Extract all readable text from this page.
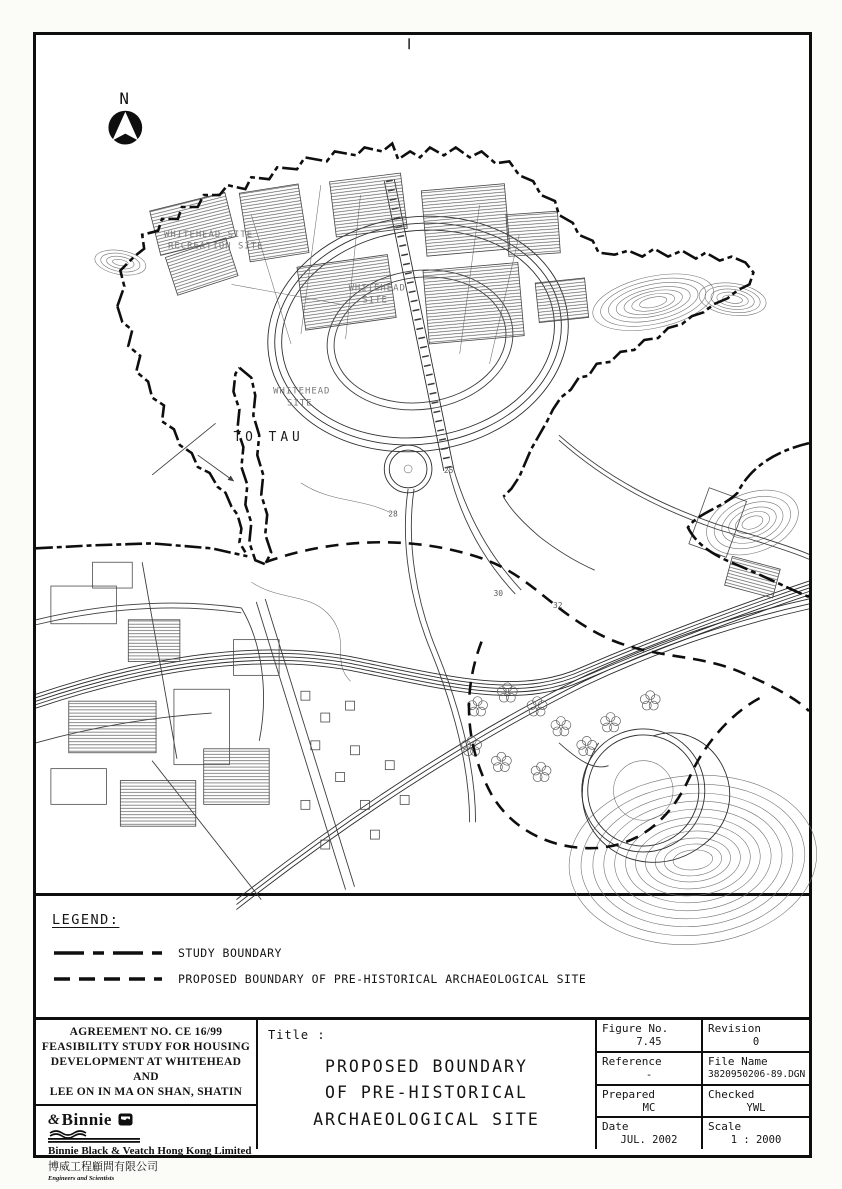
WHITEHEAD SITE
RECREATION SITE
WHITEHEAD
SITE
WHITEHEAD
SITE
TO TAU
25
28
30
32
N
LEGEND:
STUDY BOUNDARY
PROPOSED BOUNDARY OF PRE-HISTORICAL ARCHAEOLOGICAL SITE
AGREEMENT NO. CE 16/99
FEASIBILITY STUDY FOR HOUSING
DEVELOPMENT AT WHITEHEAD AND
LEE ON IN MA ON SHAN, SHATIN
& Binnie
Binnie Black & Veatch Hong Kong Limited
博威工程顧問有限公司
Engineers and Scientists
Title :
PROPOSED BOUNDARY
OF PRE-HISTORICAL
ARCHAEOLOGICAL SITE
Figure No.
7.45
Revision
0
Reference
-
File Name
3820950206-89.DGN
Prepared
MC
Checked
YWL
Date
JUL. 2002
Scale
1 : 2000
